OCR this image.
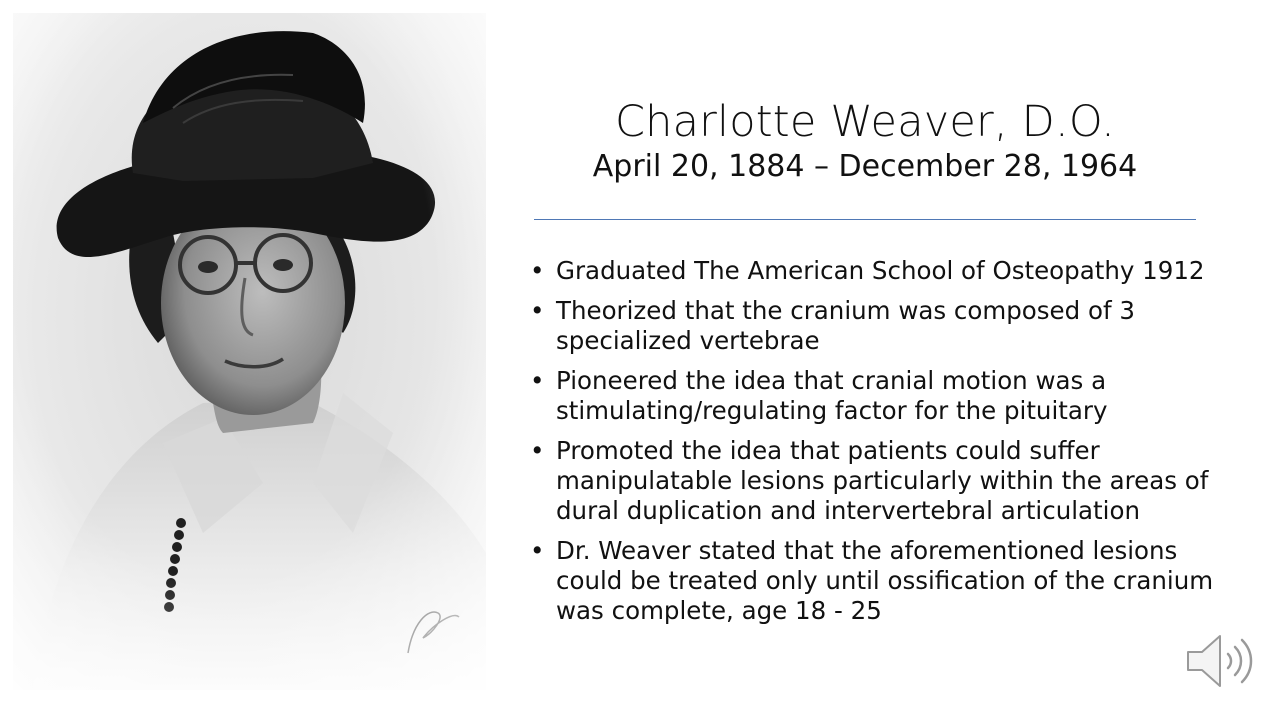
Charlotte Weaver, D.O.
April 20, 1884 – December 28, 1964
• Graduated The American School of Osteopathy 1912
• Theorized that the cranium was composed of 3 specialized vertebrae
• Pioneered the idea that cranial motion was a stimulating/regulating factor for the pituitary
• Promoted the idea that patients could suffer manipulatable lesions particularly within the areas of dural duplication and intervertebral articulation
• Dr. Weaver stated that the aforementioned lesions could be treated only until ossification of the cranium was complete, age 18 - 25
